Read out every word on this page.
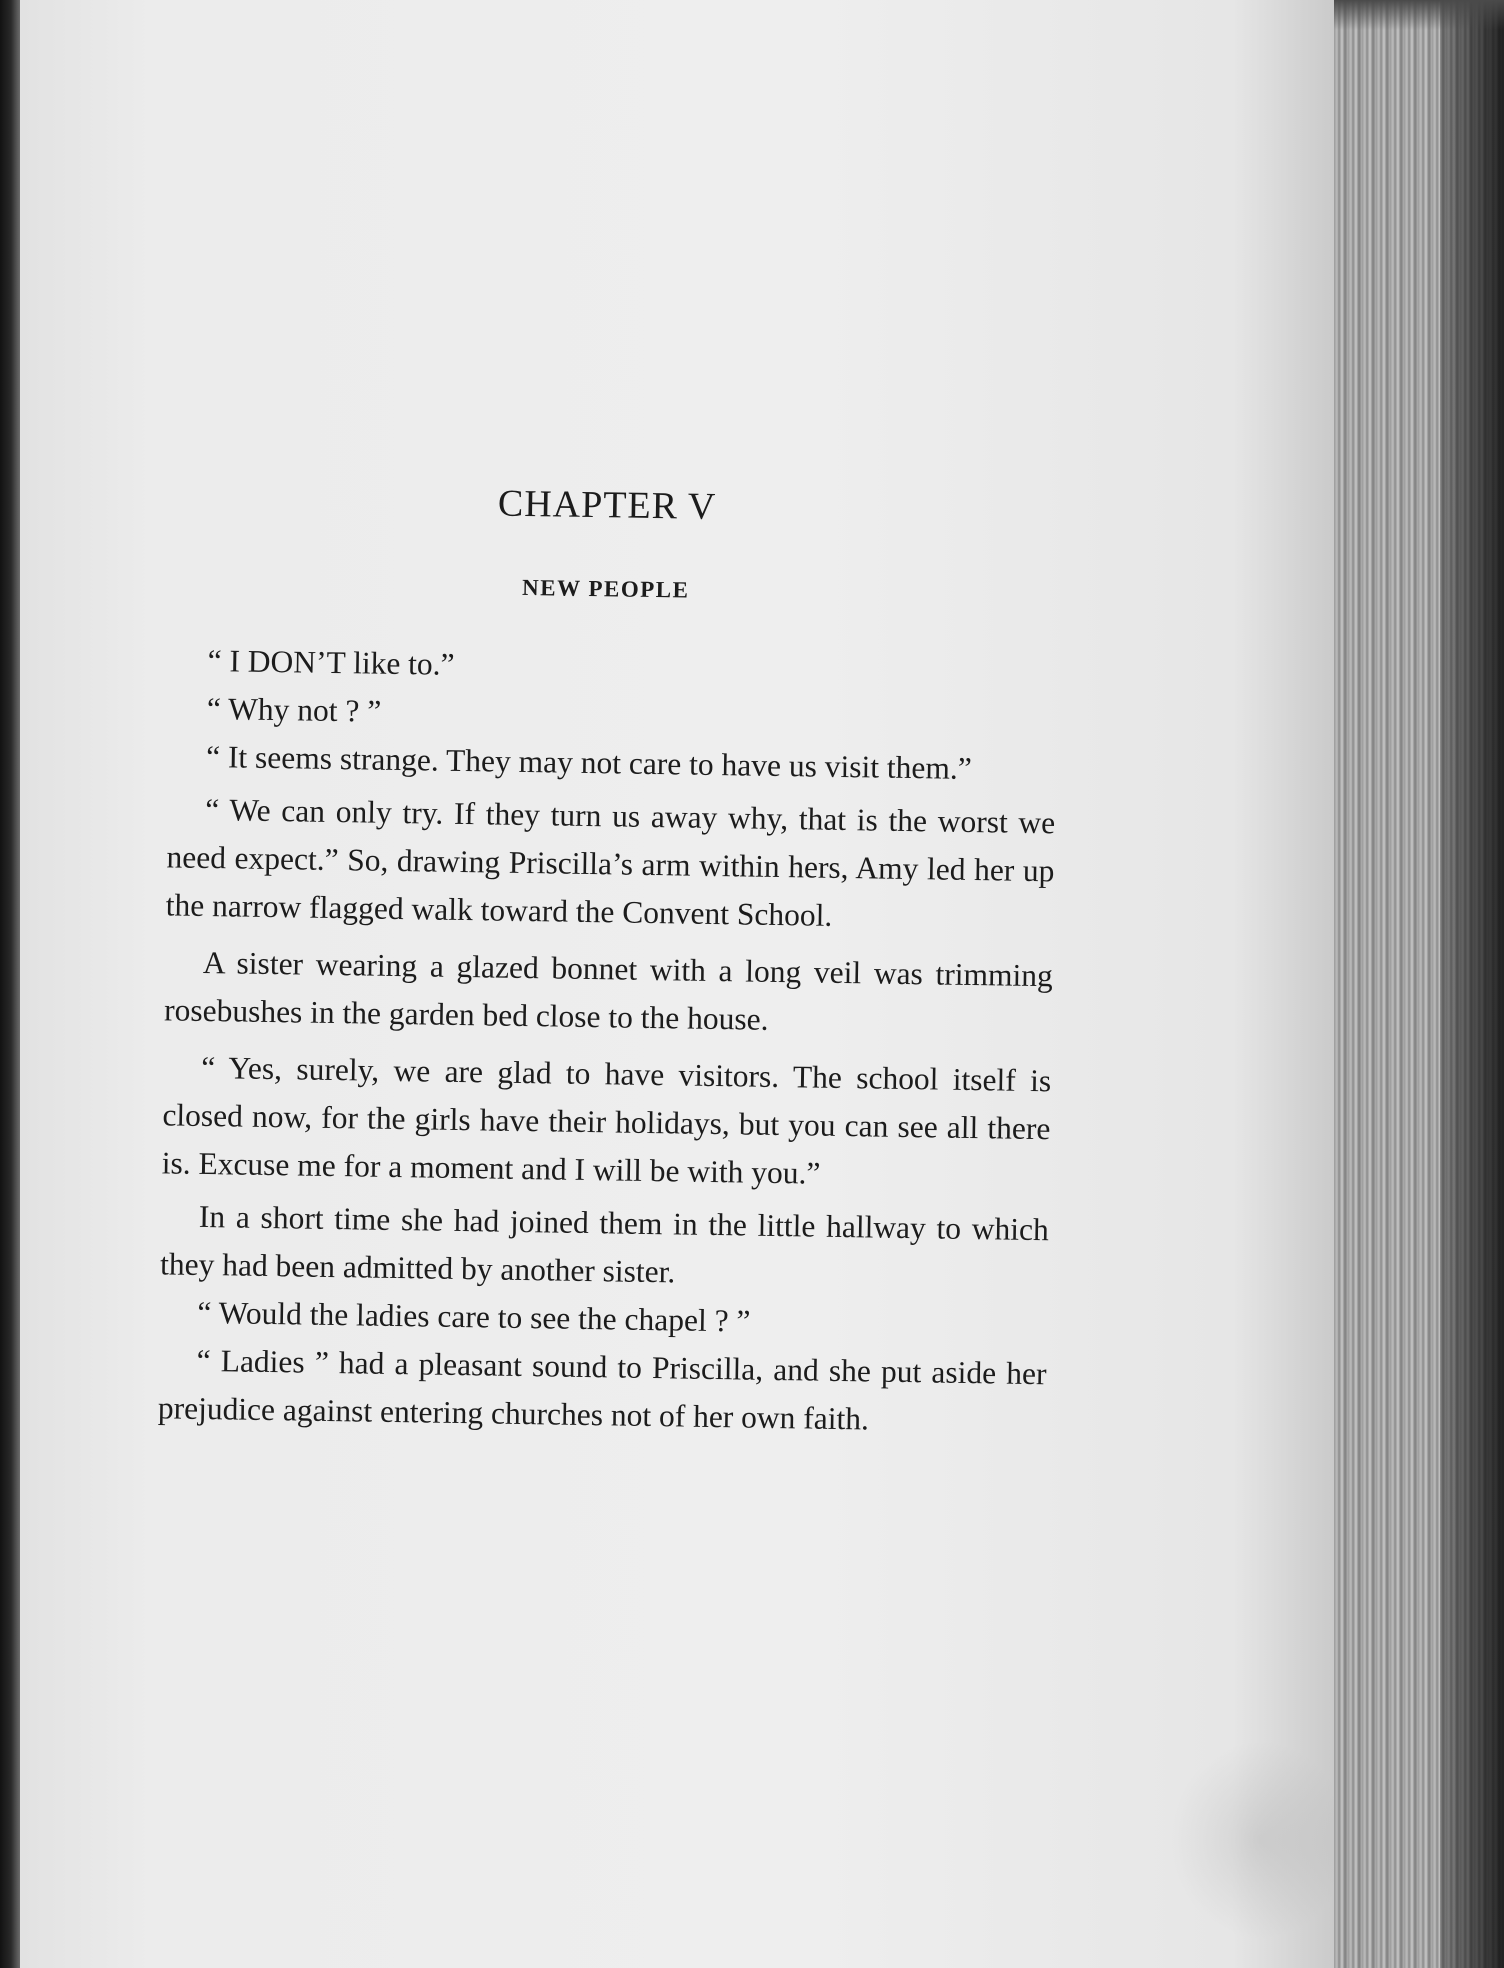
CHAPTER V
NEW PEOPLE

“ I DON’T like to.”

“ Why not ? ”

“ It seems strange. They may not care to have us visit them.”

“ We can only try. If they turn us away why, that is the worst we need expect.” So, drawing Priscilla’s arm within hers, Amy led her up the narrow flagged walk toward the Convent School.

A sister wearing a glazed bonnet with a long veil was trimming rosebushes in the garden bed close to the house.

“ Yes, surely, we are glad to have visitors. The school itself is closed now, for the girls have their holidays, but you can see all there is. Excuse me for a moment and I will be with you.”

In a short time she had joined them in the little hallway to which they had been admitted by another sister.

“ Would the ladies care to see the chapel ? ”

“ Ladies ” had a pleasant sound to Priscilla, and she put aside her prejudice against entering churches not of her own faith.
